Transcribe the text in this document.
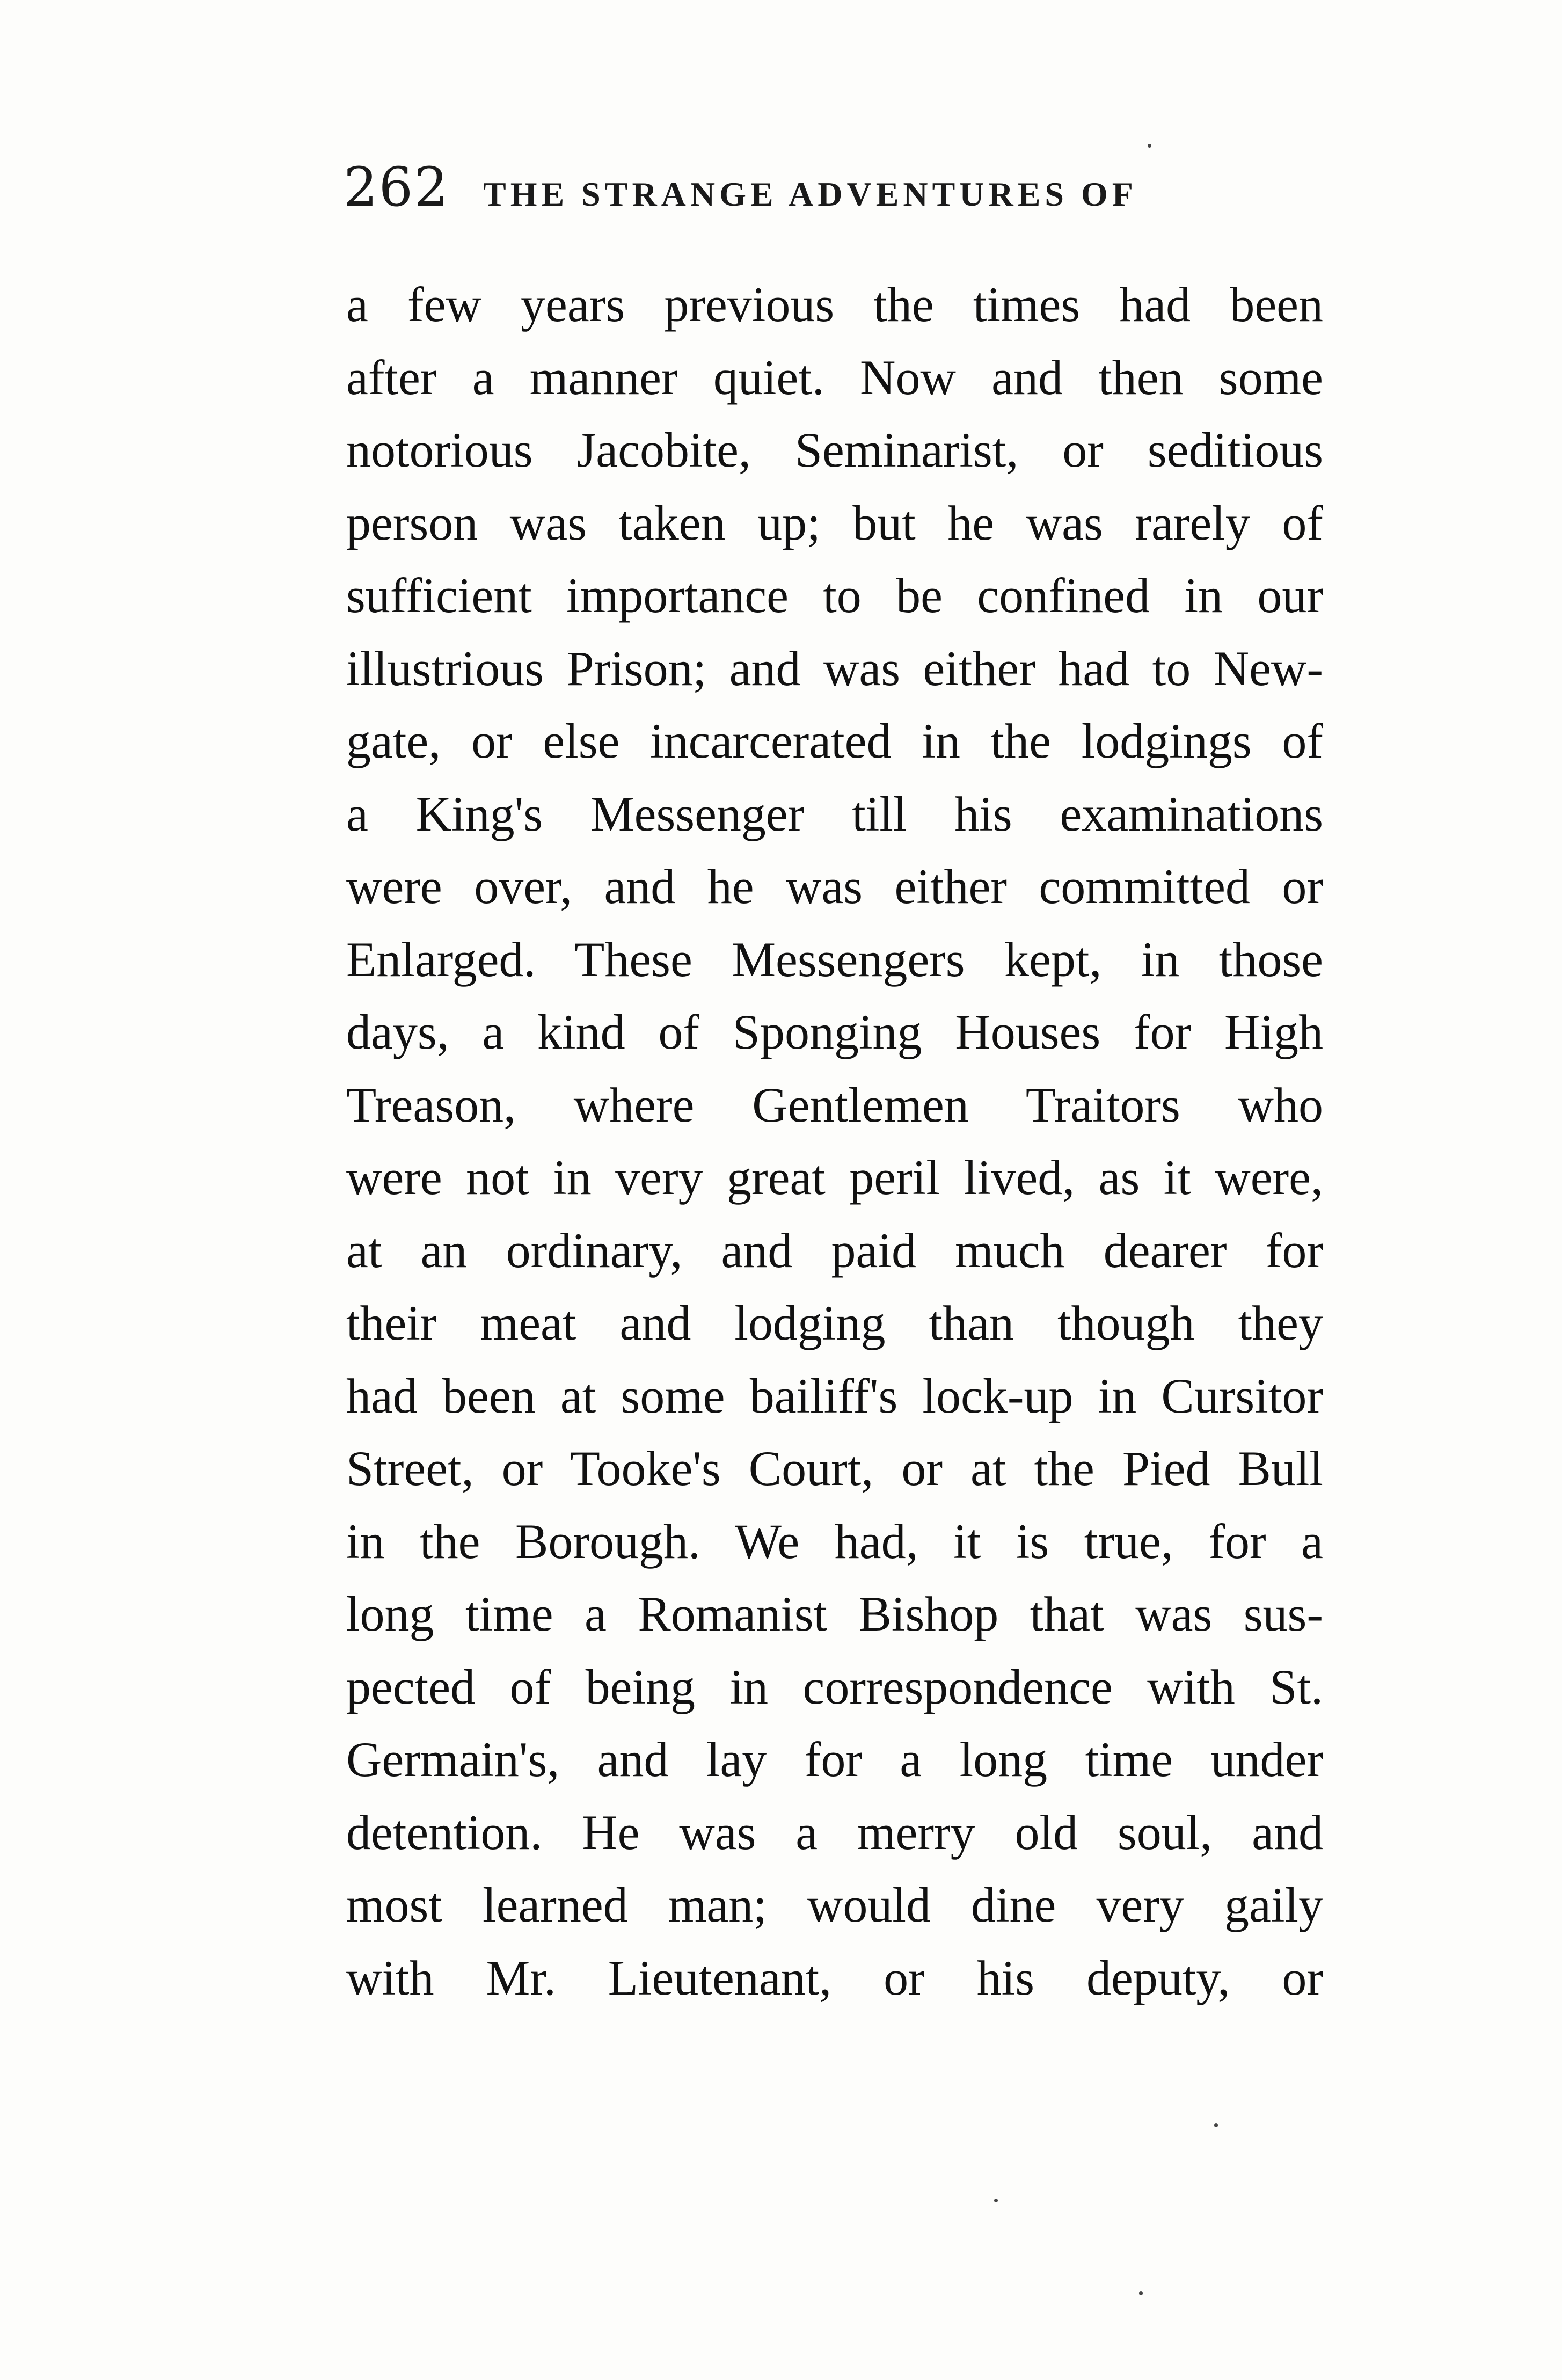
262 THE STRANGE ADVENTURES OF
a few years previous the times had been
after a manner quiet. Now and then some
notorious Jacobite, Seminarist, or seditious
person was taken up; but he was rarely of
sufficient importance to be confined in our
illustrious Prison; and was either had to New-
gate, or else incarcerated in the lodgings of
a King's Messenger till his examinations
were over, and he was either committed or
Enlarged. These Messengers kept, in those
days, a kind of Sponging Houses for High
Treason, where Gentlemen Traitors who
were not in very great peril lived, as it were,
at an ordinary, and paid much dearer for
their meat and lodging than though they
had been at some bailiff's lock-up in Cursitor
Street, or Tooke's Court, or at the Pied Bull
in the Borough. We had, it is true, for a
long time a Romanist Bishop that was sus-
pected of being in correspondence with St.
Germain's, and lay for a long time under
detention. He was a merry old soul, and
most learned man; would dine very gaily
with Mr. Lieutenant, or his deputy, or
